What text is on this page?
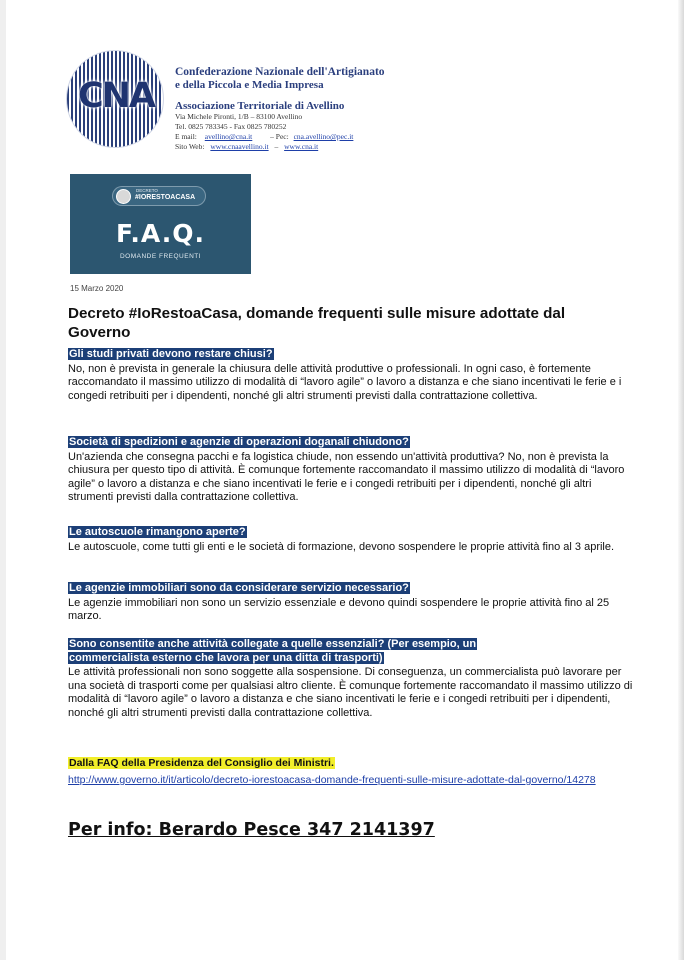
CNA
Confederazione Nazionale dell'Artigianato
e della Piccola e Media Impresa
Associazione Territoriale di Avellino
Via Michele Pironti, 1/B – 83100 Avellino
Tel. 0825 783345 - Fax 0825 780252
E mail: avellino@cna.it – Pec: cna.avellino@pec.it
Sito Web: www.cnaavellino.it – www.cna.it
DECRETO
#IORESTOACASA
F.A.Q.
DOMANDE FREQUENTI
15 Marzo 2020
Decreto #IoRestoaCasa, domande frequenti sulle misure adottate dal Governo
Gli studi privati devono restare chiusi?
No, non è prevista in generale la chiusura delle attività produttive o professionali. In ogni caso, è fortemente raccomandato il massimo utilizzo di modalità di “lavoro agile” o lavoro a distanza e che siano incentivati le ferie e i congedi retribuiti per i dipendenti, nonché gli altri strumenti previsti dalla contrattazione collettiva.
Società di spedizioni e agenzie di operazioni doganali chiudono?
Un'azienda che consegna pacchi e fa logistica chiude, non essendo un'attività produttiva? No, non è prevista la chiusura per questo tipo di attività. È comunque fortemente raccomandato il massimo utilizzo di modalità di “lavoro agile” o lavoro a distanza e che siano incentivati le ferie e i congedi retribuiti per i dipendenti, nonché gli altri strumenti previsti dalla contrattazione collettiva.
Le autoscuole rimangono aperte?
Le autoscuole, come tutti gli enti e le società di formazione, devono sospendere le proprie attività fino al 3 aprile.
Le agenzie immobiliari sono da considerare servizio necessario?
Le agenzie immobiliari non sono un servizio essenziale e devono quindi sospendere le proprie attività fino al 25 marzo.
Sono consentite anche attività collegate a quelle essenziali? (Per esempio, un commercialista esterno che lavora per una ditta di trasporti)
Le attività professionali non sono soggette alla sospensione. Di conseguenza, un commercialista può lavorare per una società di trasporti come per qualsiasi altro cliente. È comunque fortemente raccomandato il massimo utilizzo di modalità di “lavoro agile” o lavoro a distanza e che siano incentivati le ferie e i congedi retribuiti per i dipendenti, nonché gli altri strumenti previsti dalla contrattazione collettiva.
Dalla FAQ della Presidenza del Consiglio dei Ministri.
http://www.governo.it/it/articolo/decreto-iorestoacasa-domande-frequenti-sulle-misure-adottate-dal-governo/14278
Per info: Berardo Pesce 347 2141397
